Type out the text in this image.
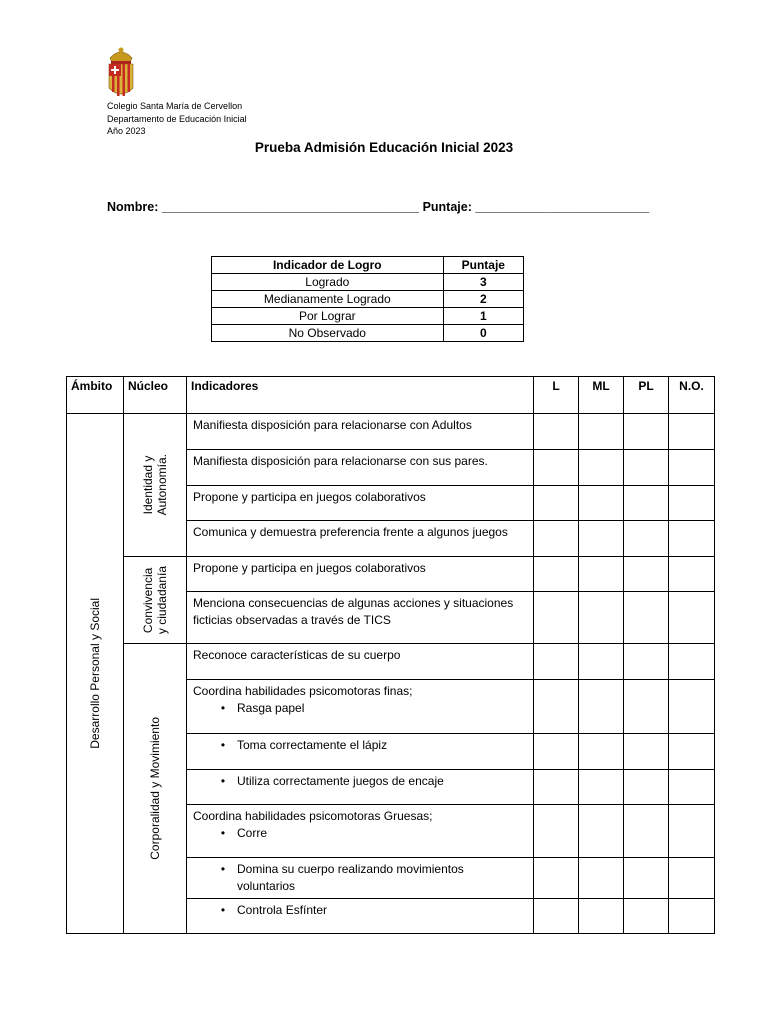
Colegio Santa María de Cervellon
Departamento de Educación Inicial
Año 2023
Prueba Admisión Educación Inicial 2023
Nombre: _____________________________________ Puntaje: _________________________
Indicador de Logro	Puntaje
Logrado	3
Medianamente Logrado	2
Por Lograr	1
No Observado	0
Ámbito	Núcleo	Indicadores	L	ML	PL	N.O.

Desarrollo Personal y Social	Identidad y Autonomía.	Manifiesta disposición para relacionarse con Adultos				
		Manifiesta disposición para relacionarse con sus pares.				
		Propone y participa en juegos colaborativos				
		Comunica y demuestra preferencia frente a algunos juegos				

	Convivencia y ciudadanía	Propone y participa en juegos colaborativos				
		Menciona consecuencias de algunas acciones y situaciones ficticias observadas a través de TICS				

	Corporalidad y Movimiento	Reconoce características de su cuerpo				

		Coordina habilidades psicomotoras finas;
• Rasga papel				

		• Toma correctamente el lápiz				

		• Utiliza correctamente juegos de encaje				

		Coordina habilidades psicomotoras Gruesas;
• Corre				

		• Domina su cuerpo realizando movimientos
voluntarios				

		• Controla Esfínter				
